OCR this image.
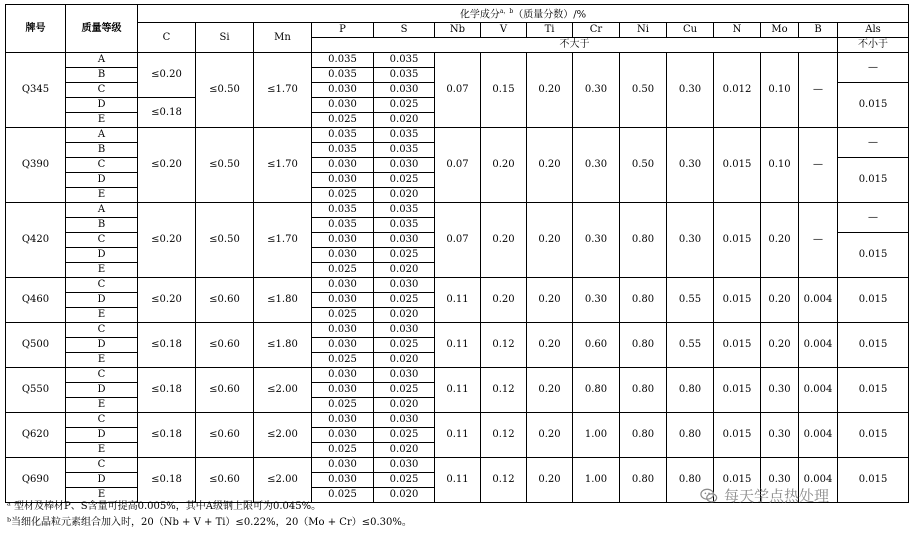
牌号	质量等级	化学成分$^{a,b}$（质量分数）/%														
		C	Si	Mn	P	S	Nb	V	Ti	Cr	Ni	Cu	N	Mo	B	Als
					不大于											不小于
Q345	A	≤0.20	≤0.50	≤1.70	0.035	0.035	0.07	0.15	0.20	0.30	0.50	0.30	0.012	0.10	—	—
	B				0.035	0.035										
	C				0.030	0.030										0.015
	D	≤0.18			0.030	0.025										
	E				0.025	0.020										
Q390	A	≤0.20	≤0.50	≤1.70	0.035	0.035	0.07	0.20	0.20	0.30	0.50	0.30	0.015	0.10	—	—
	B				0.035	0.035										
	C				0.030	0.030										0.015
	D				0.030	0.025										
	E				0.025	0.020										
Q420	A	≤0.20	≤0.50	≤1.70	0.035	0.035	0.07	0.20	0.20	0.30	0.80	0.30	0.015	0.20	—	—
	B				0.035	0.035										
	C				0.030	0.030										0.015
	D				0.030	0.025										
	E				0.025	0.020										
Q460	C	≤0.20	≤0.60	≤1.80	0.030	0.030	0.11	0.20	0.20	0.30	0.80	0.55	0.015	0.20	0.004	0.015
	D				0.030	0.025										
	E				0.025	0.020										
Q500	C	≤0.18	≤0.60	≤1.80	0.030	0.030	0.11	0.12	0.20	0.60	0.80	0.55	0.015	0.20	0.004	0.015
	D				0.030	0.025										
	E				0.025	0.020										
Q550	C	≤0.18	≤0.60	≤2.00	0.030	0.030	0.11	0.12	0.20	0.80	0.80	0.80	0.015	0.30	0.004	0.015
	D				0.030	0.025										
	E				0.025	0.020										
Q620	C	≤0.18	≤0.60	≤2.00	0.030	0.030	0.11	0.12	0.20	1.00	0.80	0.80	0.015	0.30	0.004	0.015
	D				0.030	0.025										
	E				0.025	0.020										
Q690	C	≤0.18	≤0.60	≤2.00	0.030	0.030	0.11	0.12	0.20	1.00	0.80	0.80	0.015	0.30	0.004	0.015
	D				0.030	0.025										
	E				0.025	0.020										
ᵃ 型材及棒材P、S含量可提高0.005%，其中A级钢上限可为0.045%。
ᵇ当细化晶粒元素组合加入时，20（Nb + V + Ti）≤0.22%，20（Mo + Cr）≤0.30%。
每天学点热处理
